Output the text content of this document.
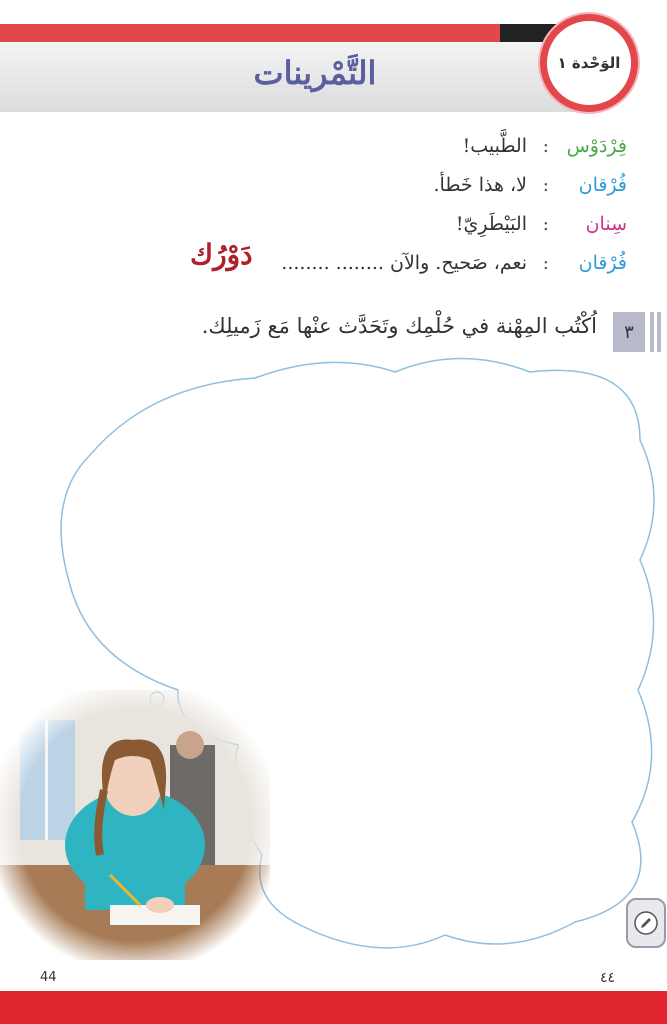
التَّمْرينات	الوَحْدة ١
فِرْدَوْس
:
الطَّبيب!
فُرْقان
:
لا، هذا خَطأ.
سِنان
:
البَيْطَرِيّ!
فُرْقان
:
نعم، صَحيح. والآن ........ ........
دَوْرُك
٣
اُكْتُب المِهْنة في حُلْمِك وتَحَدَّث عنْها مَع زَميلِك.
44	٤٤
